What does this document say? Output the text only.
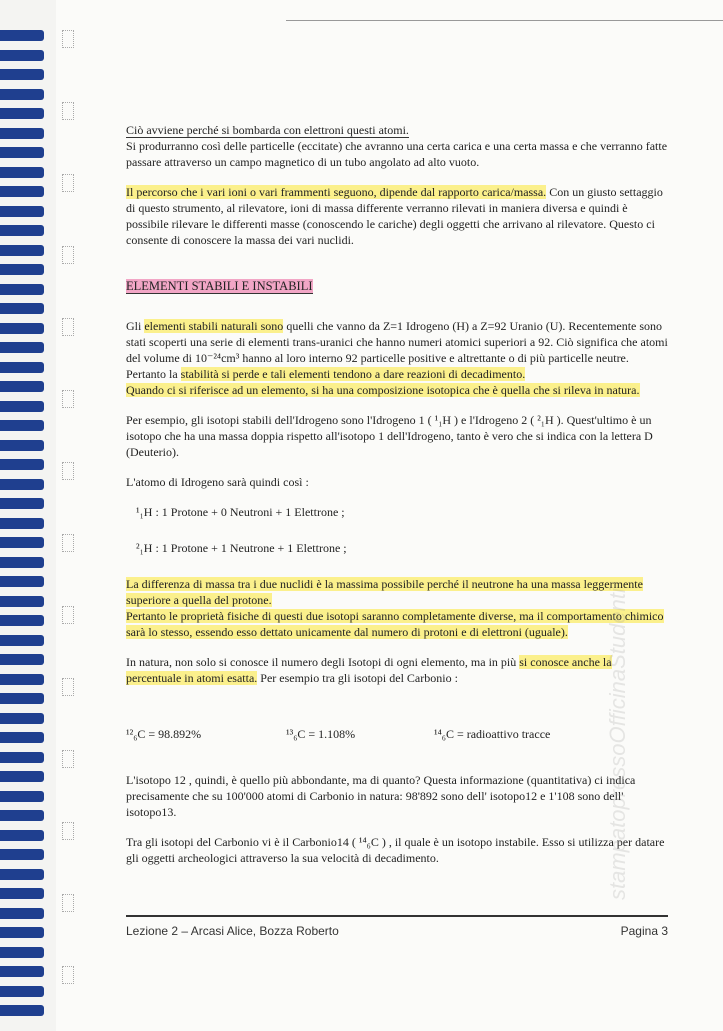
Ciò avviene perché si bombarda con elettroni questi atomi.
Si produrranno così delle particelle (eccitate) che avranno una certa carica e una certa massa e che verranno fatte passare attraverso un campo magnetico di un tubo angolato ad alto vuoto.

Il percorso che i vari ioni o vari frammenti seguono, dipende dal rapporto carica/massa. Con un giusto settaggio di questo strumento, al rilevatore, ioni di massa differente verranno rilevati in maniera diversa e quindi è possibile rilevare le differenti masse (conoscendo le cariche) degli oggetti che arrivano al rilevatore. Questo ci consente di conoscere la massa dei vari nuclidi.

ELEMENTI STABILI E INSTABILI

Gli elementi stabili naturali sono quelli che vanno da Z=1 Idrogeno (H) a Z=92 Uranio (U). Recentemente sono stati scoperti una serie di elementi trans-uranici che hanno numeri atomici superiori a 92. Ciò significa che atomi del volume di 10⁻²⁴cm³ hanno al loro interno 92 particelle positive e altrettante o di più particelle neutre. Pertanto la stabilità si perde e tali elementi tendono a dare reazioni di decadimento.
Quando ci si riferisce ad un elemento, si ha una composizione isotopica che è quella che si rileva in natura.

Per esempio, gli isotopi stabili dell'Idrogeno sono l'Idrogeno 1 ( ¹₁H ) e l'Idrogeno 2 ( ²₁H ). Quest'ultimo è un isotopo che ha una massa doppia rispetto all'isotopo 1 dell'Idrogeno, tanto è vero che si indica con la lettera D (Deuterio).

L'atomo di Idrogeno sarà quindi così :

¹₁H : 1 Protone + 0 Neutroni + 1 Elettrone ;
²₁H : 1 Protone + 1 Neutrone + 1 Elettrone ;

La differenza di massa tra i due nuclidi è la massima possibile perché il neutrone ha una massa leggermente superiore a quella del protone.
Pertanto le proprietà fisiche di questi due isotopi saranno completamente diverse, ma il comportamento chimico sarà lo stesso, essendo esso dettato unicamente dal numero di protoni e di elettroni (uguale).

In natura, non solo si conosce il numero degli Isotopi di ogni elemento, ma in più si conosce anche la percentuale in atomi esatta. Per esempio tra gli isotopi del Carbonio :

¹²₆C = 98.892%	¹³₆C = 1.108%	¹⁴₆C = radioattivo tracce

L'isotopo 12 , quindi, è quello più abbondante, ma di quanto? Questa informazione (quantitativa) ci indica precisamente che su 100'000 atomi di Carbonio in natura: 98'892 sono dell' isotopo12 e 1'108 sono dell' isotopo13.

Tra gli isotopi del Carbonio vi è il Carbonio14 ( ¹⁴₆C ) , il quale è un isotopo instabile. Esso si utilizza per datare gli oggetti archeologici attraverso la sua velocità di decadimento.

Lezione 2 – Arcasi Alice, Bozza Roberto	Pagina 3
stampatopressoOfficinaStudenti
